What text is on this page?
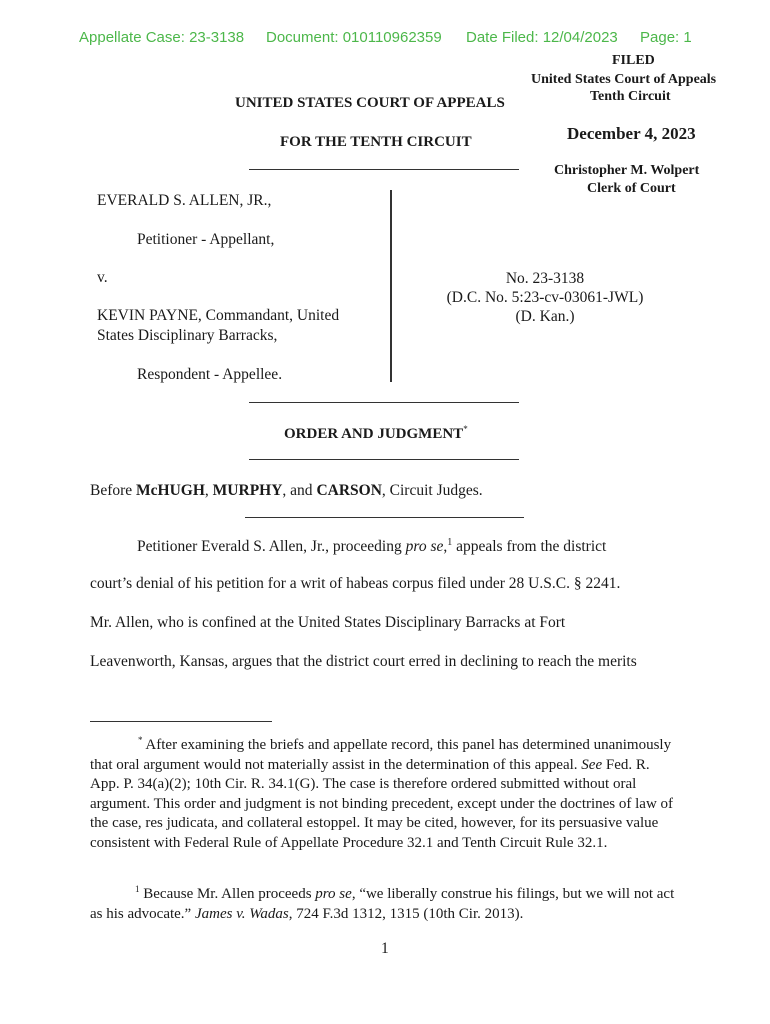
Appellate Case: 23-3138 Document: 010110962359 Date Filed: 12/04/2023 Page: 1
FILED
United States Court of Appeals
Tenth Circuit
December 4, 2023
Christopher M. Wolpert
Clerk of Court
UNITED STATES COURT OF APPEALS
FOR THE TENTH CIRCUIT
EVERALD S. ALLEN, JR.,
Petitioner - Appellant,
v.
KEVIN PAYNE, Commandant, United
States Disciplinary Barracks,
Respondent - Appellee.
No. 23-3138
(D.C. No. 5:23-cv-03061-JWL)
(D. Kan.)
ORDER AND JUDGMENT*
Before McHUGH, MURPHY, and CARSON, Circuit Judges.
Petitioner Everald S. Allen, Jr., proceeding pro se,$^1$ appeals from the district
court’s denial of his petition for a writ of habeas corpus filed under 28 U.S.C. § 2241.
Mr. Allen, who is confined at the United States Disciplinary Barracks at Fort
Leavenworth, Kansas, argues that the district court erred in declining to reach the merits
* After examining the briefs and appellate record, this panel has determined unanimously that oral argument would not materially assist in the determination of this appeal. See Fed. R. App. P. 34(a)(2); 10th Cir. R. 34.1(G). The case is therefore ordered submitted without oral argument. This order and judgment is not binding precedent, except under the doctrines of law of the case, res judicata, and collateral estoppel. It may be cited, however, for its persuasive value consistent with Federal Rule of Appellate Procedure 32.1 and Tenth Circuit Rule 32.1.
$^1$ Because Mr. Allen proceeds pro se, “we liberally construe his filings, but we will not act as his advocate.” James v. Wadas, 724 F.3d 1312, 1315 (10th Cir. 2013).
1
